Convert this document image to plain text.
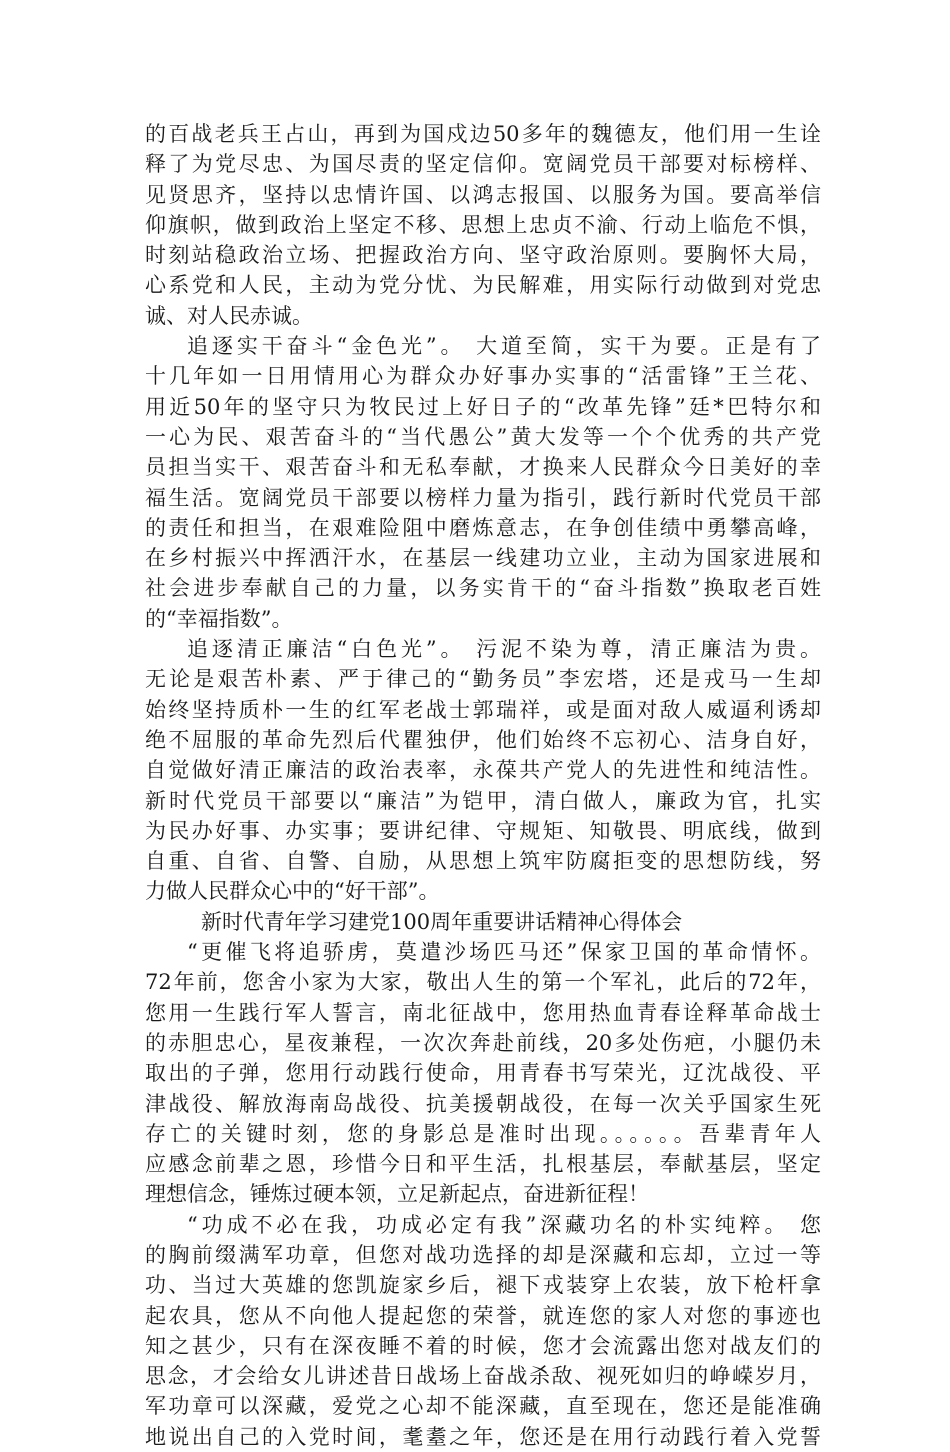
的百战老兵王占山，再到为国戍边50多年的魏德友，他们用一生诠
释了为党尽忠、为国尽责的坚定信仰。宽阔党员干部要对标榜样、
见贤思齐，坚持以忠情许国、以鸿志报国、以服务为国。要高举信
仰旗帜，做到政治上坚定不移、思想上忠贞不渝、行动上临危不惧，
时刻站稳政治立场、把握政治方向、坚守政治原则。要胸怀大局，
心系党和人民，主动为党分忧、为民解难，用实际行动做到对党忠
诚、对人民赤诚。
追逐实干奋斗“金色光”。 大道至简，实干为要。正是有了
十几年如一日用情用心为群众办好事办实事的“活雷锋”王兰花、
用近50年的坚守只为牧民过上好日子的“改革先锋”廷*巴特尔和
一心为民、艰苦奋斗的“当代愚公”黄大发等一个个优秀的共产党
员担当实干、艰苦奋斗和无私奉献，才换来人民群众今日美好的幸
福生活。宽阔党员干部要以榜样力量为指引，践行新时代党员干部
的责任和担当，在艰难险阻中磨炼意志，在争创佳绩中勇攀高峰，
在乡村振兴中挥洒汗水，在基层一线建功立业，主动为国家进展和
社会进步奉献自己的力量，以务实肯干的“奋斗指数”换取老百姓
的“幸福指数”。
追逐清正廉洁“白色光”。 污泥不染为尊，清正廉洁为贵。
无论是艰苦朴素、严于律己的“勤务员”李宏塔，还是戎马一生却
始终坚持质朴一生的红军老战士郭瑞祥，或是面对敌人威逼利诱却
绝不屈服的革命先烈后代瞿独伊，他们始终不忘初心、洁身自好，
自觉做好清正廉洁的政治表率，永葆共产党人的先进性和纯洁性。
新时代党员干部要以“廉洁”为铠甲，清白做人，廉政为官，扎实
为民办好事、办实事；要讲纪律、守规矩、知敬畏、明底线，做到
自重、自省、自警、自励，从思想上筑牢防腐拒变的思想防线，努
力做人民群众心中的“好干部”。
新时代青年学习建党100周年重要讲话精神心得体会
“更催飞将追骄虏，莫遣沙场匹马还”保家卫国的革命情怀。
72年前，您舍小家为大家，敬出人生的第一个军礼，此后的72年，
您用一生践行军人誓言，南北征战中，您用热血青春诠释革命战士
的赤胆忠心，星夜兼程，一次次奔赴前线，20多处伤疤，小腿仍未
取出的子弹，您用行动践行使命，用青春书写荣光，辽沈战役、平
津战役、解放海南岛战役、抗美援朝战役，在每一次关乎国家生死
存亡的关键时刻，您的身影总是准时出现。。。。。。吾辈青年人
应感念前辈之恩，珍惜今日和平生活，扎根基层，奉献基层，坚定
理想信念，锤炼过硬本领，立足新起点，奋进新征程！
“功成不必在我，功成必定有我”深藏功名的朴实纯粹。 您
的胸前缀满军功章，但您对战功选择的却是深藏和忘却，立过一等
功、当过大英雄的您凯旋家乡后，褪下戎装穿上农装，放下枪杆拿
起农具，您从不向他人提起您的荣誉，就连您的家人对您的事迹也
知之甚少，只有在深夜睡不着的时候，您才会流露出您对战友们的
思念，才会给女儿讲述昔日战场上奋战杀敌、视死如归的峥嵘岁月，
军功章可以深藏，爱党之心却不能深藏，直至现在，您还是能准确
地说出自己的入党时间，耄耋之年，您还是在用行动践行着入党誓
